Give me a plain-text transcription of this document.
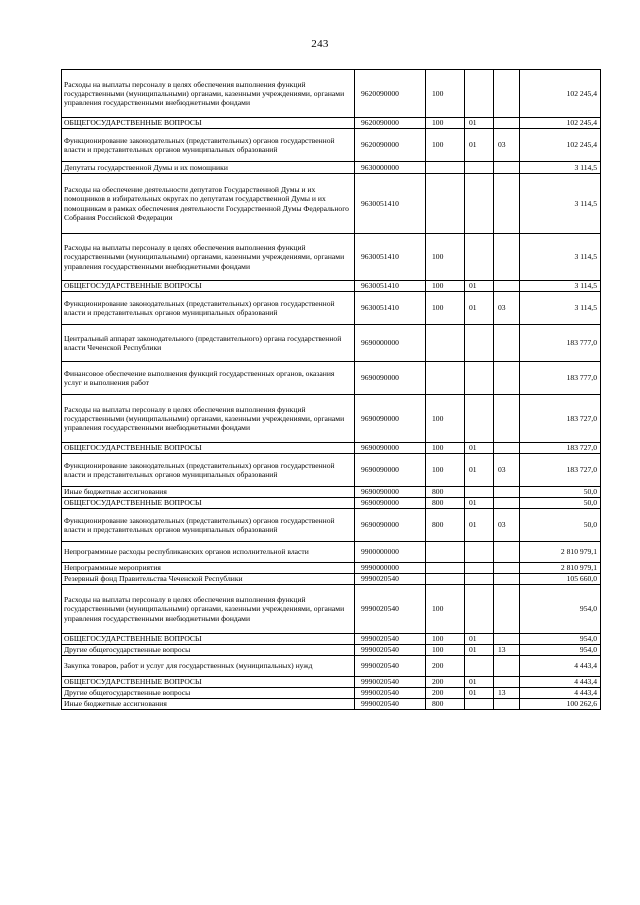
243
Расходы на выплаты персоналу в целях обеспечения выполнения функций государственными (муниципальными) органами, казенными учреждениями, органами управления государственными внебюджетными фондами	9620090000	100			102 245,4
ОБЩЕГОСУДАРСТВЕННЫЕ ВОПРОСЫ	9620090000	100	01		102 245,4
Функционирование законодательных (представительных) органов государственной власти и представительных органов муниципальных образований	9620090000	100	01	03	102 245,4
Депутаты государственной Думы и их помощники	9630000000				3 114,5
Расходы на обеспечение деятельности депутатов Государственной Думы и их помощников в избирательных округах по депутатам государственной Думы и их помощникам в рамках обеспечения деятельности Государственной Думы Федерального Собрания Российской Федерации	9630051410				3 114,5
Расходы на выплаты персоналу в целях обеспечения выполнения функций государственными (муниципальными) органами, казенными учреждениями, органами управления государственными внебюджетными фондами	9630051410	100			3 114,5
ОБЩЕГОСУДАРСТВЕННЫЕ ВОПРОСЫ	9630051410	100	01		3 114,5
Функционирование законодательных (представительных) органов государственной власти и представительных органов муниципальных образований	9630051410	100	01	03	3 114,5
Центральный аппарат законодательного (представительного) органа государственной власти Чеченской Республики	9690000000				183 777,0
Финансовое обеспечение выполнения функций государственных органов, оказания услуг и выполнения работ	9690090000				183 777,0
Расходы на выплаты персоналу в целях обеспечения выполнения функций государственными (муниципальными) органами, казенными учреждениями, органами управления государственными внебюджетными фондами	9690090000	100			183 727,0
ОБЩЕГОСУДАРСТВЕННЫЕ ВОПРОСЫ	9690090000	100	01		183 727,0
Функционирование законодательных (представительных) органов государственной власти и представительных органов муниципальных образований	9690090000	100	01	03	183 727,0
Иные бюджетные ассигнования	9690090000	800			50,0
ОБЩЕГОСУДАРСТВЕННЫЕ ВОПРОСЫ	9690090000	800	01		50,0
Функционирование законодательных (представительных) органов государственной власти и представительных органов муниципальных образований	9690090000	800	01	03	50,0
Непрограммные расходы республиканских органов исполнительной власти	9900000000				2 810 979,1
Непрограммные мероприятия	9990000000				2 810 979,1
Резервный фонд Правительства Чеченской Республики	9990020540				105 660,0
Расходы на выплаты персоналу в целях обеспечения выполнения функций государственными (муниципальными) органами, казенными учреждениями, органами управления государственными внебюджетными фондами	9990020540	100			954,0
ОБЩЕГОСУДАРСТВЕННЫЕ ВОПРОСЫ	9990020540	100	01		954,0
Другие общегосударственные вопросы	9990020540	100	01	13	954,0
Закупка товаров, работ и услуг для государственных (муниципальных) нужд	9990020540	200			4 443,4
ОБЩЕГОСУДАРСТВЕННЫЕ ВОПРОСЫ	9990020540	200	01		4 443,4
Другие общегосударственные вопросы	9990020540	200	01	13	4 443,4
Иные бюджетные ассигнования	9990020540	800			100 262,6
